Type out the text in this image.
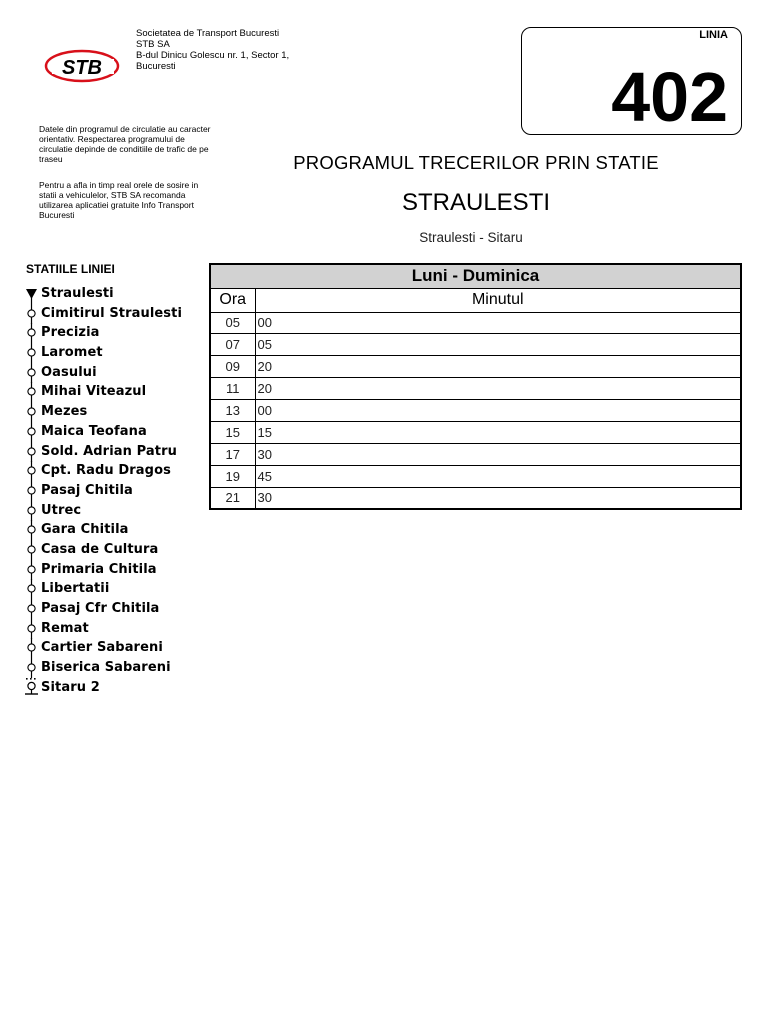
STB
Societatea de Transport Bucuresti
STB SA
B-dul Dinicu Golescu nr. 1, Sector 1,
Bucuresti
LINIA
402
Datele din programul de circulatie au caracter orientativ. Respectarea programului de circulatie depinde de conditiile de trafic de pe traseu
Pentru a afla in timp real orele de sosire in statii a vehiculelor, STB SA recomanda utilizarea aplicatiei gratuite Info Transport Bucuresti
PROGRAMUL TRECERILOR PRIN STATIE
STRAULESTI
Straulesti - Sitaru
STATIILE LINIEI
Straulesti
Cimitirul Straulesti
Precizia
Laromet
Oasului
Mihai Viteazul
Mezes
Maica Teofana
Sold. Adrian Patru
Cpt. Radu Dragos
Pasaj Chitila
Utrec
Gara Chitila
Casa de Cultura
Primaria Chitila
Libertatii
Pasaj Cfr Chitila
Remat
Cartier Sabareni
Biserica Sabareni
Sitaru 2
Luni - Duminica	
Ora	Minutul
05	00
07	05
09	20
11	20
13	00
15	15
17	30
19	45
21	30
